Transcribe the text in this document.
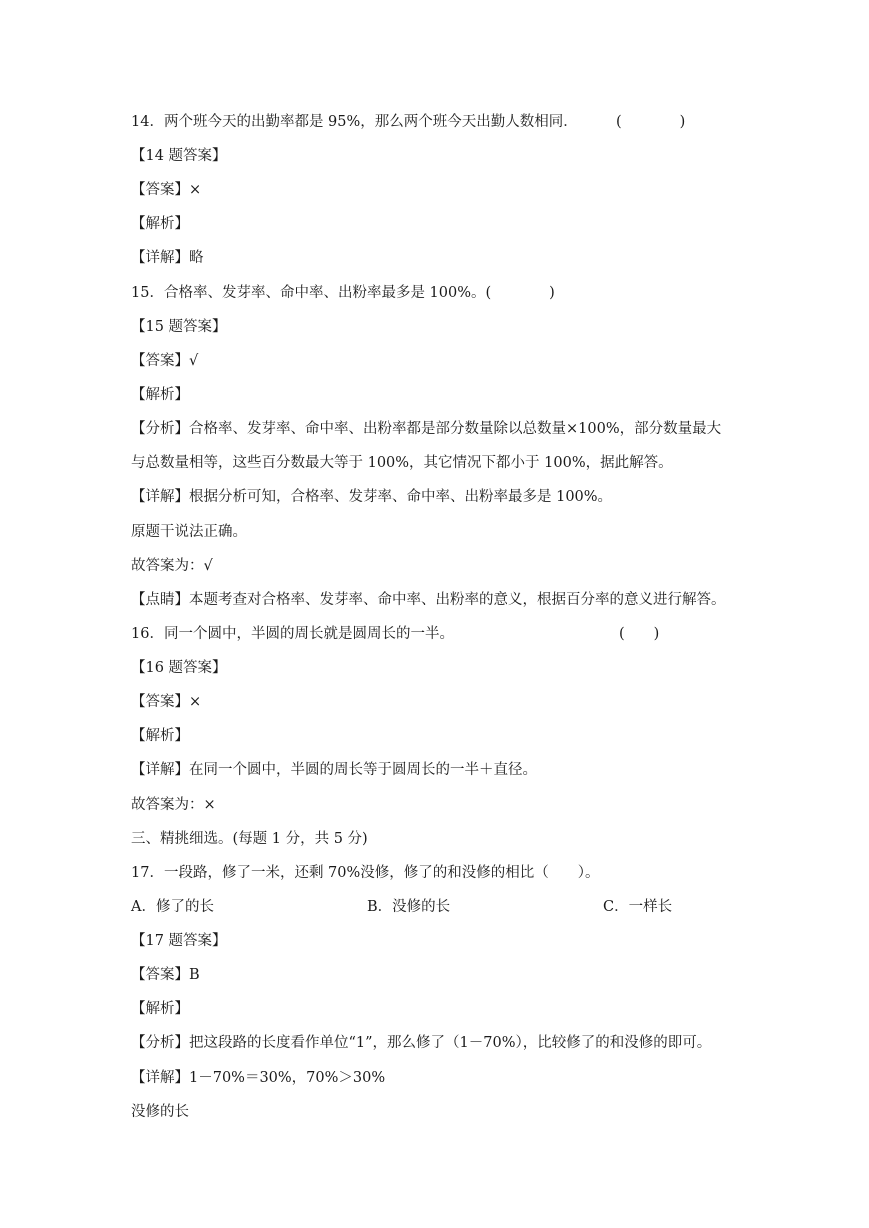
14．两个班今天的出勤率都是 95%，那么两个班今天出勤人数相同．	(　　　　)
【14 题答案】
【答案】×
【解析】
【详解】略
15．合格率、发芽率、命中率、出粉率最多是 100%。(　　　　)
【15 题答案】
【答案】√
【解析】
【分析】合格率、发芽率、命中率、出粉率都是部分数量除以总数量×100%，部分数量最大
与总数量相等，这些百分数最大等于 100%，其它情况下都小于 100%，据此解答。
【详解】根据分析可知，合格率、发芽率、命中率、出粉率最多是 100%。
原题干说法正确。
故答案为：√
【点睛】本题考查对合格率、发芽率、命中率、出粉率的意义，根据百分率的意义进行解答。
16．同一个圆中，半圆的周长就是圆周长的一半。	(　　)
【16 题答案】
【答案】×
【解析】
【详解】在同一个圆中，半圆的周长等于圆周长的一半＋直径。
故答案为：×
三、精挑细选。(每题 1 分，共 5 分)
17．一段路，修了一米，还剩 70%没修，修了的和没修的相比（　　）。
A．修了的长	B．没修的长	C．一样长
【17 题答案】
【答案】B
【解析】
【分析】把这段路的长度看作单位“1”，那么修了（1－70%），比较修了的和没修的即可。
【详解】1－70%＝30%，70%＞30%
没修的长
